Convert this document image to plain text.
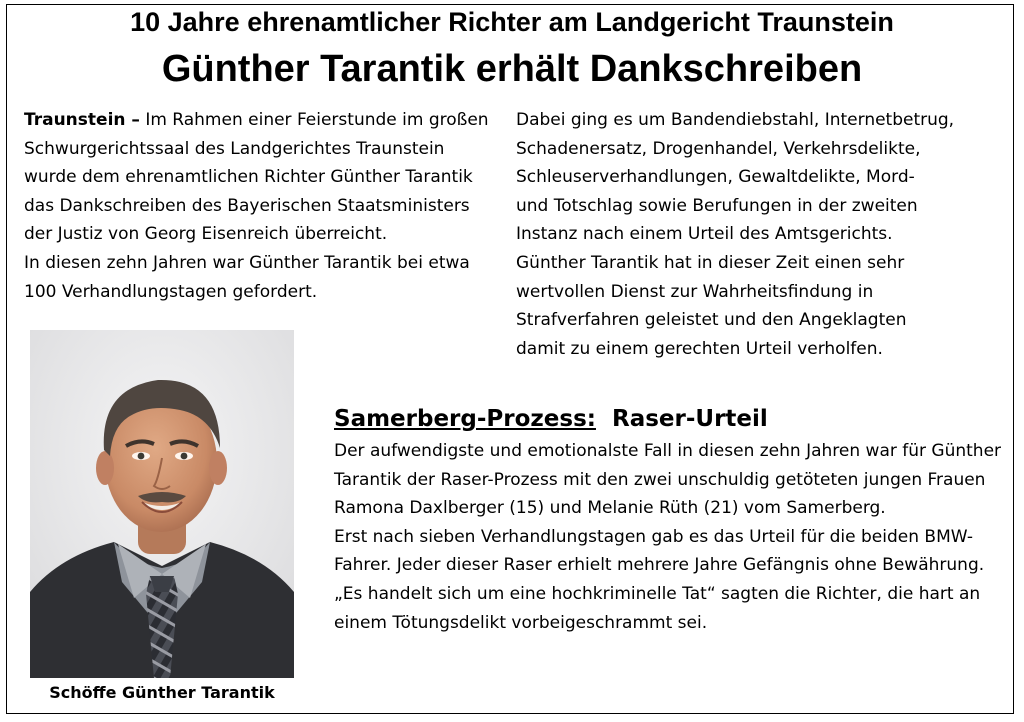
10 Jahre ehrenamtlicher Richter am Landgericht Traunstein
Günther Tarantik erhält Dankschreiben

Traunstein – Im Rahmen einer Feierstunde im großen Schwurgerichtssaal des Landgerichtes Traunstein wurde dem ehrenamtlichen Richter Günther Tarantik das Dankschreiben des Bayerischen Staatsministers der Justiz von Georg Eisenreich überreicht.

In diesen zehn Jahren war Günther Tarantik bei etwa 100 Verhandlungstagen gefordert.

Dabei ging es um Bandendiebstahl, Internetbetrug,

Schadenersatz, Drogenhandel, Verkehrsdelikte,

Schleuserverhandlungen, Gewaltdelikte, Mord-

und Totschlag sowie Berufungen in der zweiten

Instanz nach einem Urteil des Amtsgerichts.

Günther Tarantik hat in dieser Zeit einen sehr

wertvollen Dienst zur Wahrheitsfindung in

Strafverfahren geleistet und den Angeklagten

damit zu einem gerechten Urteil verholfen.

Schöffe Günther Tarantik
Samerberg-Prozess: Raser-Urteil

Der aufwendigste und emotionalste Fall in diesen zehn Jahren war für Günther Tarantik der Raser-Prozess mit den zwei unschuldig getöteten jungen Frauen Ramona Daxlberger (15) und Melanie Rüth (21) vom Samerberg.

Erst nach sieben Verhandlungstagen gab es das Urteil für die beiden BMW-Fahrer. Jeder dieser Raser erhielt mehrere Jahre Gefängnis ohne Bewährung.

„Es handelt sich um eine hochkriminelle Tat“ sagten die Richter, die hart an einem Tötungsdelikt vorbeigeschrammt sei.
